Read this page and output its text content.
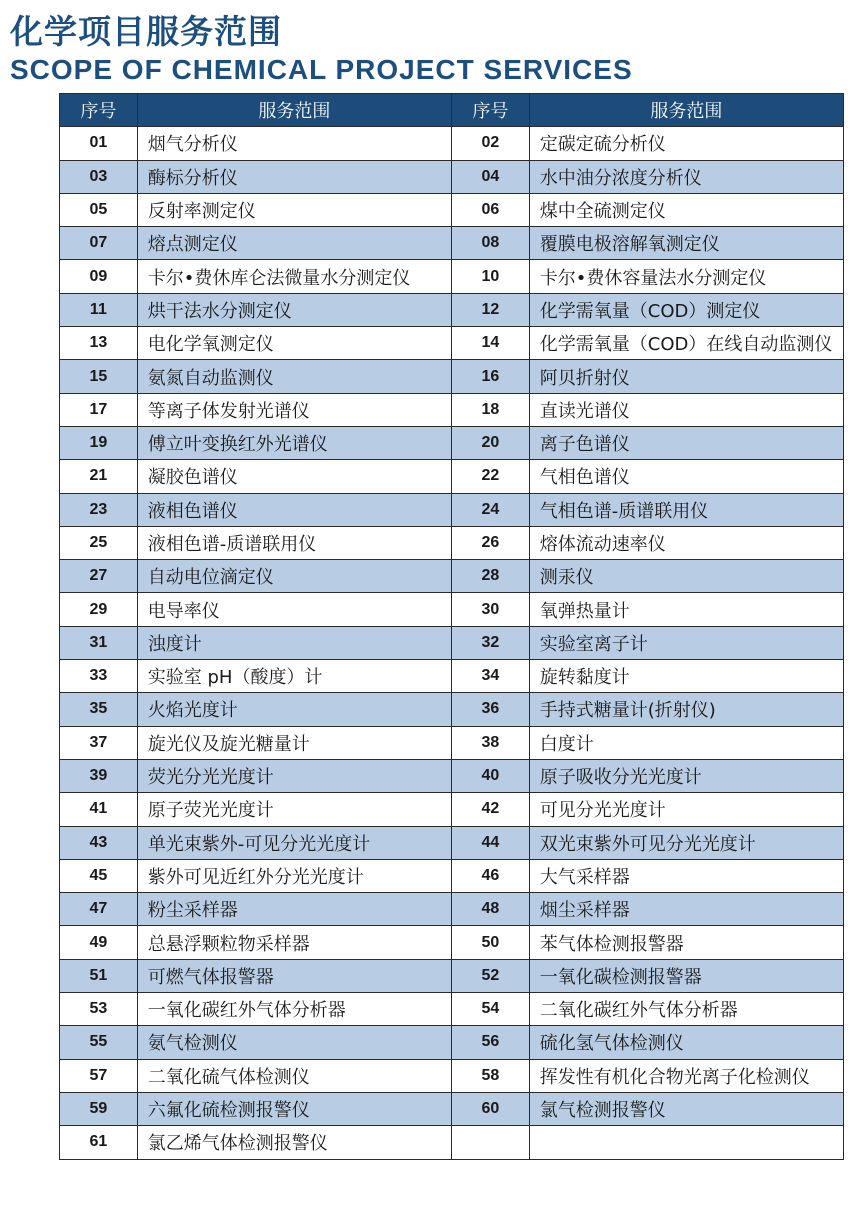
化学项目服务范围
SCOPE OF CHEMICAL PROJECT SERVICES
序号	服务范围	序号	服务范围
01	烟气分析仪	02	定碳定硫分析仪
03	酶标分析仪	04	水中油分浓度分析仪
05	反射率测定仪	06	煤中全硫测定仪
07	熔点测定仪	08	覆膜电极溶解氧测定仪
09	卡尔•费休库仑法微量水分测定仪	10	卡尔•费休容量法水分测定仪
11	烘干法水分测定仪	12	化学需氧量（COD）测定仪
13	电化学氧测定仪	14	化学需氧量（COD）在线自动监测仪
15	氨氮自动监测仪	16	阿贝折射仪
17	等离子体发射光谱仪	18	直读光谱仪
19	傅立叶变换红外光谱仪	20	离子色谱仪
21	凝胶色谱仪	22	气相色谱仪
23	液相色谱仪	24	气相色谱-质谱联用仪
25	液相色谱-质谱联用仪	26	熔体流动速率仪
27	自动电位滴定仪	28	测汞仪
29	电导率仪	30	氧弹热量计
31	浊度计	32	实验室离子计
33	实验室 pH（酸度）计	34	旋转黏度计
35	火焰光度计	36	手持式糖量计(折射仪)
37	旋光仪及旋光糖量计	38	白度计
39	荧光分光光度计	40	原子吸收分光光度计
41	原子荧光光度计	42	可见分光光度计
43	单光束紫外-可见分光光度计	44	双光束紫外可见分光光度计
45	紫外可见近红外分光光度计	46	大气采样器
47	粉尘采样器	48	烟尘采样器
49	总悬浮颗粒物采样器	50	苯气体检测报警器
51	可燃气体报警器	52	一氧化碳检测报警器
53	一氧化碳红外气体分析器	54	二氧化碳红外气体分析器
55	氨气检测仪	56	硫化氢气体检测仪
57	二氧化硫气体检测仪	58	挥发性有机化合物光离子化检测仪
59	六氟化硫检测报警仪	60	氯气检测报警仪
61	氯乙烯气体检测报警仪		
